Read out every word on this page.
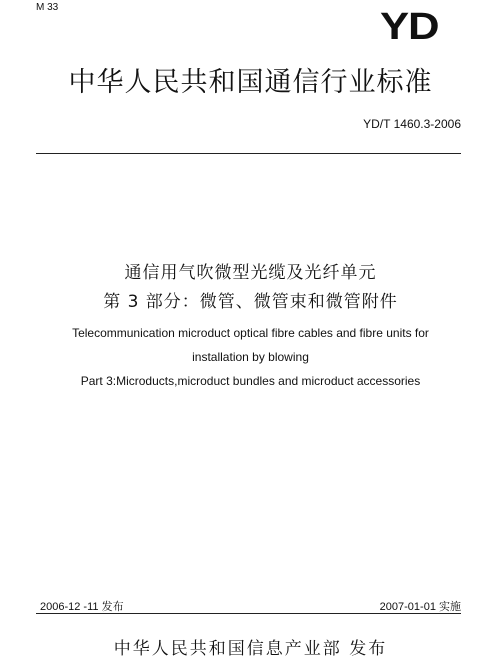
M 33	YD
中华人民共和国通信行业标准
YD/T 1460.3-2006
通信用气吹微型光缆及光纤单元
第 3 部分：微管、微管束和微管附件
Telecommunication microduct optical fibre cables and fibre units for
installation by blowing
Part 3:Microducts,microduct bundles and microduct accessories
2006-12 -11 发布	2007-01-01 实施
中华人民共和国信息产业部 发布
